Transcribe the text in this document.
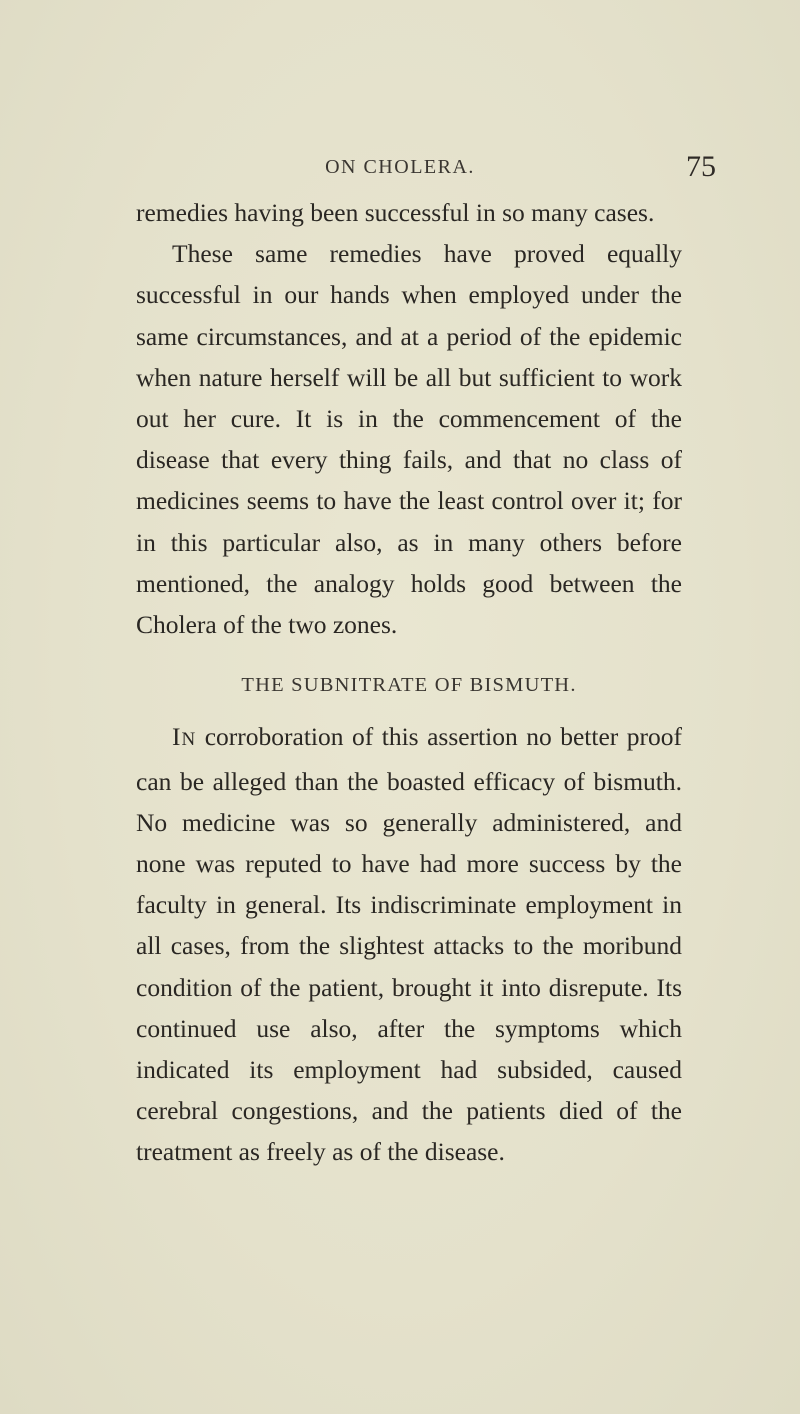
ON CHOLERA.	75

remedies having been successful in so many cases.

These same remedies have proved equally successful in our hands when employed under the same circumstances, and at a period of the epidemic when nature herself will be all but sufficient to work out her cure. It is in the commencement of the disease that every thing fails, and that no class of medicines seems to have the least control over it; for in this particular also, as in many others before mentioned, the analogy holds good between the Cholera of the two zones.

THE SUBNITRATE OF BISMUTH.

IN corroboration of this assertion no better proof can be alleged than the boasted efficacy of bismuth. No medicine was so generally administered, and none was reputed to have had more success by the faculty in general. Its indiscriminate employment in all cases, from the slightest attacks to the moribund condition of the patient, brought it into disrepute. Its continued use also, after the symptoms which indicated its employment had subsided, caused cerebral congestions, and the patients died of the treatment as freely as of the disease.
